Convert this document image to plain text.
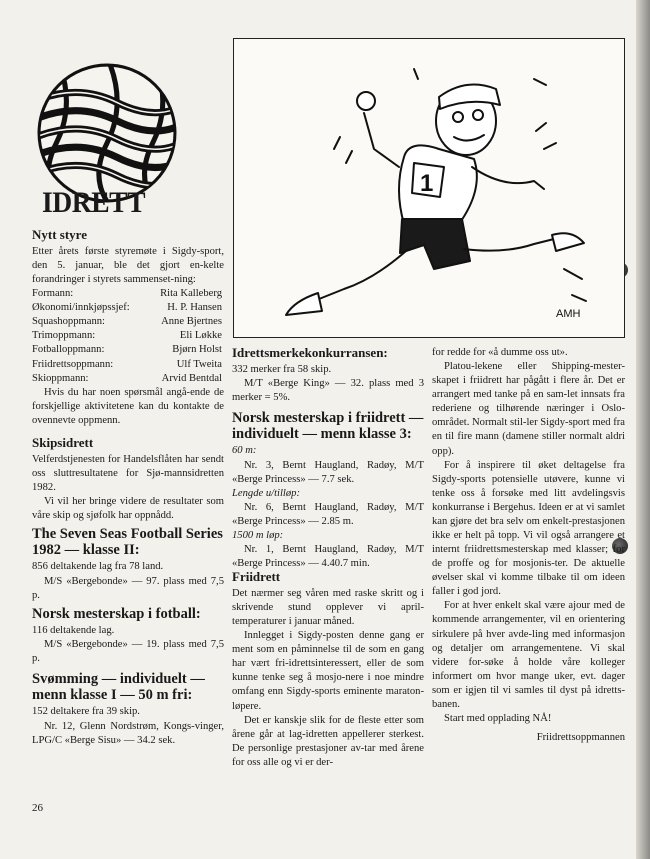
IDRETT
1
AMH
Nytt styre

Etter årets første styremøte i Sigdy-sport, den 5. januar, ble det gjort en-kelte forandringer i styrets sammenset-ning:

Formann:	Rita Kalleberg
Økonomi/innkjøpssjef:	H. P. Hansen
Squashoppmann:	Anne Bjertnes
Trimoppmann:	Eli Løkke
Fotballoppmann:	Bjørn Holst
Friidrettsoppmann:	Ulf Tweita
Skioppmann:	Arvid Bentdal

Hvis du har noen spørsmål angå-ende de forskjellige aktivitetene kan du kontakte de ovennevte oppmenn.

Skipsidrett

Velferdstjenesten for Handelsflåten har sendt oss sluttresultatene for Sjø-mannsidretten 1982.

Vi vil her bringe videre de resultater som våre skip og sjøfolk har oppnådd.

The Seven Seas Football Series 1982 — klasse II:

856 deltakende lag fra 78 land.

M/S «Bergebonde» — 97. plass med 7,5 p.

Norsk mesterskap i fotball:

116 deltakende lag.

M/S «Bergebonde» — 19. plass med 7,5 p.

Svømming — individuelt — menn klasse I — 50 m fri:

152 deltakere fra 39 skip.

Nr. 12, Glenn Nordstrøm, Kongs-vinger, LPG/C «Berge Sisu» — 34.2 sek.

Idrettsmerkekonkurransen:

332 merker fra 58 skip.

M/T «Berge King» — 32. plass med 3 merker = 5%.

Norsk mesterskap i friidrett — individuelt — menn klasse 3:

60 m:

Nr. 3, Bernt Haugland, Radøy, M/T «Berge Princess» — 7.7 sek.

Lengde u/tilløp:

Nr. 6, Bernt Haugland, Radøy, M/T «Berge Princess» — 2.85 m.

1500 m løp:

Nr. 1, Bernt Haugland, Radøy, M/T «Berge Princess» — 4.40.7 min.

Friidrett

Det nærmer seg våren med raske skritt og i skrivende stund opplever vi april-temperaturer i januar måned.

Innlegget i Sigdy-posten denne gang er ment som en påminnelse til de som en gang har vært fri-idrettsinteressert, eller de som kunne tenke seg å mosjo-nere i noe mindre omfang enn Sigdy-sports eminente maraton-løpere.

Det er kanskje slik for de fleste etter som årene går at lag-idretten appellerer sterkest. De personlige prestasjoner av-tar med årene for oss alle og vi er der-

for redde for «å dumme oss ut».

Platou-lekene eller Shipping-mester-skapet i friidrett har pågått i flere år. Det er arrangert med tanke på en sam-let innsats fra rederiene og tilhørende næringer i Oslo-området. Normalt stil-ler Sigdy-sport med fra en til fire mann (damene stiller normalt aldri opp).

For å inspirere til øket deltagelse fra Sigdy-sports potensielle utøvere, kunne vi tenke oss å forsøke med litt avdelingsvis konkurranse i Bergehus. Ideen er at vi samlet kan gjøre det bra selv om enkelt-prestasjonen ikke er helt på topp. Vi vil også arrangere et internt friidrettsmesterskap med klasser; for de proffe og for mosjonis-ter. De aktuelle øvelser skal vi komme tilbake til om ideen faller i god jord.

For at hver enkelt skal være ajour med de kommende arrangementer, vil en orientering sirkulere på hver avde-ling med informasjon og detaljer om arrangementene. Vi skal videre for-søke å holde våre kolleger informert om hvor mange uker, evt. dager som er igjen til vi samles til dyst på idretts-banen.

Start med opplading NÅ!

Friidrettsoppmannen
26
